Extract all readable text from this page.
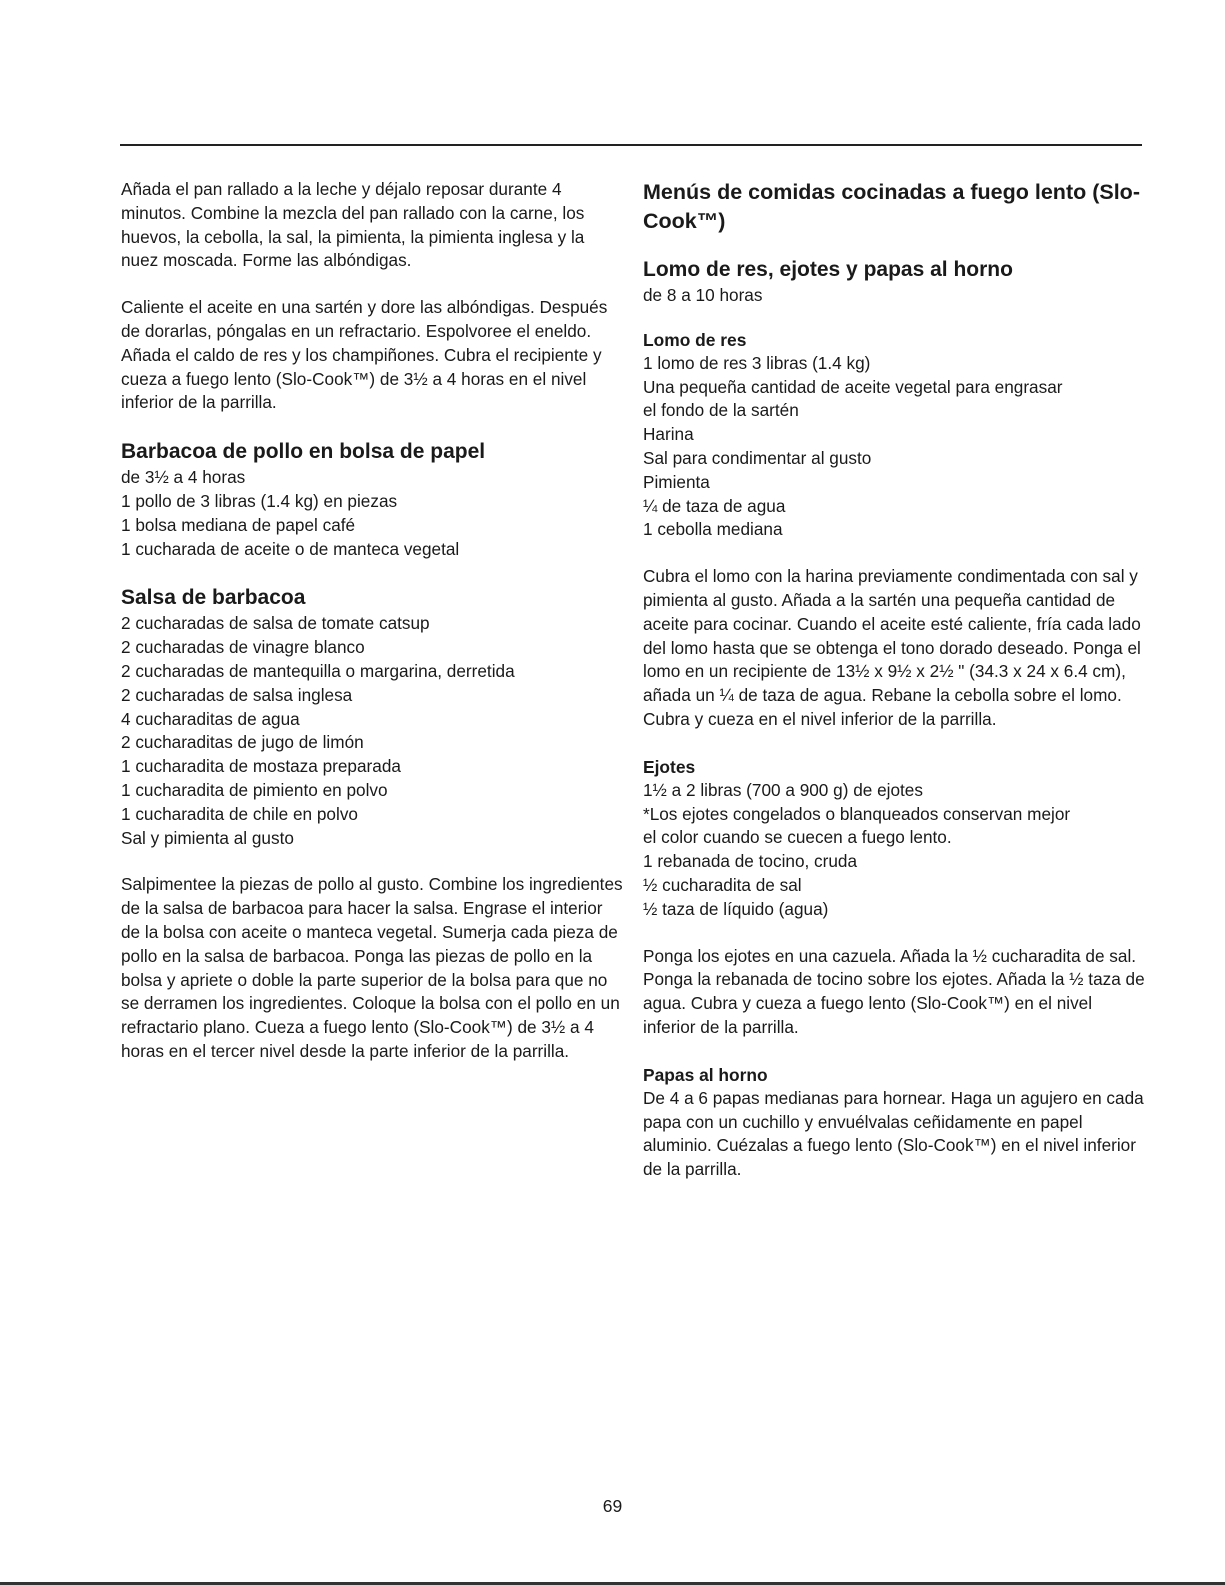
Añada el pan rallado a la leche y déjalo reposar durante 4 minutos. Combine la mezcla del pan rallado con la carne, los huevos, la cebolla, la sal, la pimienta, la pimienta inglesa y la nuez moscada. Forme las albóndigas.

Caliente el aceite en una sartén y dore las albóndigas. Después de dorarlas, póngalas en un refractario. Espolvoree el eneldo. Añada el caldo de res y los champiñones. Cubra el recipiente y cueza a fuego lento (Slo-Cook™) de 3½ a 4 horas en el nivel inferior de la parrilla.

Barbacoa de pollo en bolsa de papel

de 3½ a 4 horas

1 pollo de 3 libras (1.4 kg) en piezas
1 bolsa mediana de papel café
1 cucharada de aceite o de manteca vegetal
Salsa de barbacoa
2 cucharadas de salsa de tomate catsup
2 cucharadas de vinagre blanco
2 cucharadas de mantequilla o margarina, derretida
2 cucharadas de salsa inglesa
4 cucharaditas de agua
2 cucharaditas de jugo de limón
1 cucharadita de mostaza preparada
1 cucharadita de pimiento en polvo
1 cucharadita de chile en polvo
Sal y pimienta al gusto

Salpimentee la piezas de pollo al gusto. Combine los ingredientes de la salsa de barbacoa para hacer la salsa. Engrase el interior de la bolsa con aceite o manteca vegetal. Sumerja cada pieza de pollo en la salsa de barbacoa. Ponga las piezas de pollo en la bolsa y apriete o doble la parte superior de la bolsa para que no se derramen los ingredientes. Coloque la bolsa con el pollo en un refractario plano. Cueza a fuego lento (Slo-Cook™) de 3½ a 4 horas en el tercer nivel desde la parte inferior de la parrilla.

Menús de comidas cocinadas a fuego lento (Slo-Cook™)
Lomo de res, ejotes y papas al horno

de 8 a 10 horas

Lomo de res
1 lomo de res 3 libras (1.4 kg)
Una pequeña cantidad de aceite vegetal para engrasar
el fondo de la sartén
Harina
Sal para condimentar al gusto
Pimienta
¼ de taza de agua
1 cebolla mediana

Cubra el lomo con la harina previamente condimentada con sal y pimienta al gusto. Añada a la sartén una pequeña cantidad de aceite para cocinar. Cuando el aceite esté caliente, fría cada lado del lomo hasta que se obtenga el tono dorado deseado. Ponga el lomo en un recipiente de 13½ x 9½ x 2½ " (34.3 x 24 x 6.4 cm), añada un ¼ de taza de agua. Rebane la cebolla sobre el lomo. Cubra y cueza en el nivel inferior de la parrilla.

Ejotes
1½ a 2 libras (700 a 900 g) de ejotes
*Los ejotes congelados o blanqueados conservan mejor
el color cuando se cuecen a fuego lento.
1 rebanada de tocino, cruda
½ cucharadita de sal
½ taza de líquido (agua)

Ponga los ejotes en una cazuela. Añada la ½ cucharadita de sal. Ponga la rebanada de tocino sobre los ejotes. Añada la ½ taza de agua. Cubra y cueza a fuego lento (Slo-Cook™) en el nivel inferior de la parrilla.

Papas al horno

De 4 a 6 papas medianas para hornear. Haga un agujero en cada papa con un cuchillo y envuélvalas ceñidamente en papel aluminio. Cuézalas a fuego lento (Slo-Cook™) en el nivel inferior de la parrilla.

69
